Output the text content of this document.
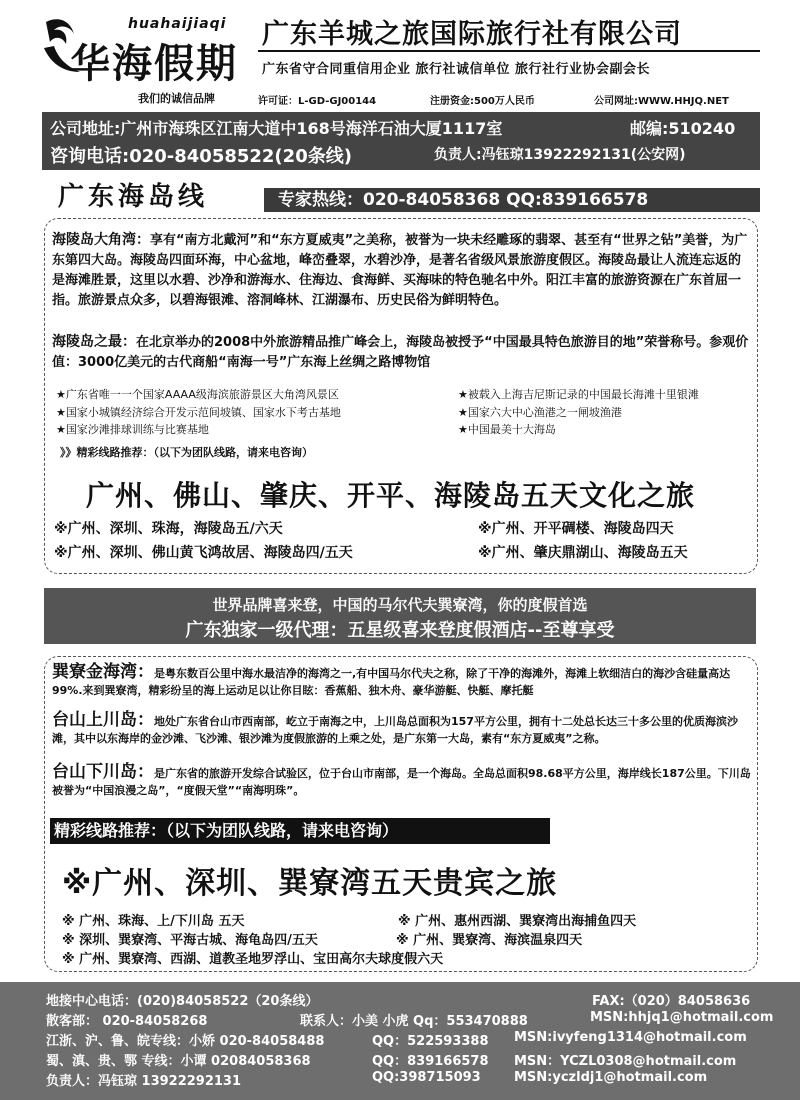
huahaijiaqi
华海假期
我们的诚信品牌
广东羊城之旅国际旅行社有限公司
广东省守合同重信用企业 旅行社诚信单位 旅行社行业协会副会长
许可证：L-GD-GJ00144	注册资金:500万人民币	公司网址:WWW.HHJQ.NET
公司地址:广州市海珠区江南大道中168号海洋石油大厦1117室	邮编:510240
咨询电话:020-84058522(20条线)	负责人:冯钰琼13922292131(公安网)
广东海岛线	专家热线：020-84058368 QQ:839166578
海陵岛大角湾：享有“南方北戴河”和“东方夏威夷”之美称，被誉为一块未经雕琢的翡翠、甚至有“世界之钻”美誉，为广东第四大岛。海陵岛四面环海，中心盆地，峰峦叠翠，水碧沙净，是著名省级风景旅游度假区。海陵岛最让人流连忘返的是海滩胜景，这里以水碧、沙净和游海水、住海边、食海鲜、买海味的特色驰名中外。阳江丰富的旅游资源在广东首屈一指。旅游景点众多，以碧海银滩、溶洞峰林、江湖瀑布、历史民俗为鲜明特色。
海陵岛之最：在北京举办的2008中外旅游精品推广峰会上，海陵岛被授予“中国最具特色旅游目的地”荣誉称号。参观价值：3000亿美元的古代商船“南海一号”广东海上丝绸之路博物馆
★广东省唯一一个国家AAAA级海滨旅游景区大角湾风景区	★被载入上海吉尼斯记录的中国最长海滩十里银滩
★国家小城镇经济综合开发示范间坡镇、国家水下考古基地	★国家六大中心渔港之一闸坡渔港
★国家沙滩排球训练与比赛基地	★中国最美十大海岛
》》精彩线路推荐：（以下为团队线路，请来电咨询）
广州、佛山、肇庆、开平、海陵岛五天文化之旅
※广州、深圳、珠海，海陵岛五/六天	※广州、开平碉楼、海陵岛四天
※广州、深圳、佛山黄飞鸿故居、海陵岛四/五天	※广州、肇庆鼎湖山、海陵岛五天
世界品牌喜来登，中国的马尔代夫巽寮湾，你的度假首选
广东独家一级代理：五星级喜来登度假酒店--至尊享受
巽寮金海湾：是粤东数百公里中海水最洁净的海湾之一,有中国马尔代夫之称，除了干净的海滩外，海滩上软细洁白的海沙含硅量高达99%.来到巽寮湾，精彩纷呈的海上运动足以让你目眩：香蕉船、独木舟、豪华游艇、快艇、摩托艇
台山上川岛：地处广东省台山市西南部，屹立于南海之中，上川岛总面积为157平方公里，拥有十二处总长达三十多公里的优质海滨沙滩，其中以东海岸的金沙滩、飞沙滩、银沙滩为度假旅游的上乘之处，是广东第一大岛，素有“东方夏威夷”之称。
台山下川岛：是广东省的旅游开发综合试验区，位于台山市南部，是一个海岛。全岛总面积98.68平方公里，海岸线长187公里。下川岛被誉为“中国浪漫之岛”，“度假天堂”“南海明珠”。
精彩线路推荐：（以下为团队线路，请来电咨询）
※广州、深圳、巽寮湾五天贵宾之旅
※ 广州、珠海、上/下川岛 五天	※ 广州、惠州西湖、巽寮湾出海捕鱼四天
※ 深圳、巽寮湾、平海古城、海龟岛四/五天	※ 广州、巽寮湾、海滨温泉四天
※ 广州、巽寮湾、西湖、道教圣地罗浮山、宝田高尔夫球度假六天
地接中心电话：(020)84058522（20条线）	FAX:（020）84058636
散客部： 020-84058268	联系人：小美 小虎 Qq：553470888	MSN:hhjq1@hotmail.com
江浙、沪、鲁、皖专线：小娇 020-84058488	QQ：522593388 MSN:ivyfeng1314@hotmail.com
蜀、滇、贵、鄂 专线：小谭 02084058368	QQ：839166578 MSN：YCZL0308@hotmail.com
负责人：冯钰琼 13922292131	QQ:398715093	MSN:yczldj1@hotmail.com
